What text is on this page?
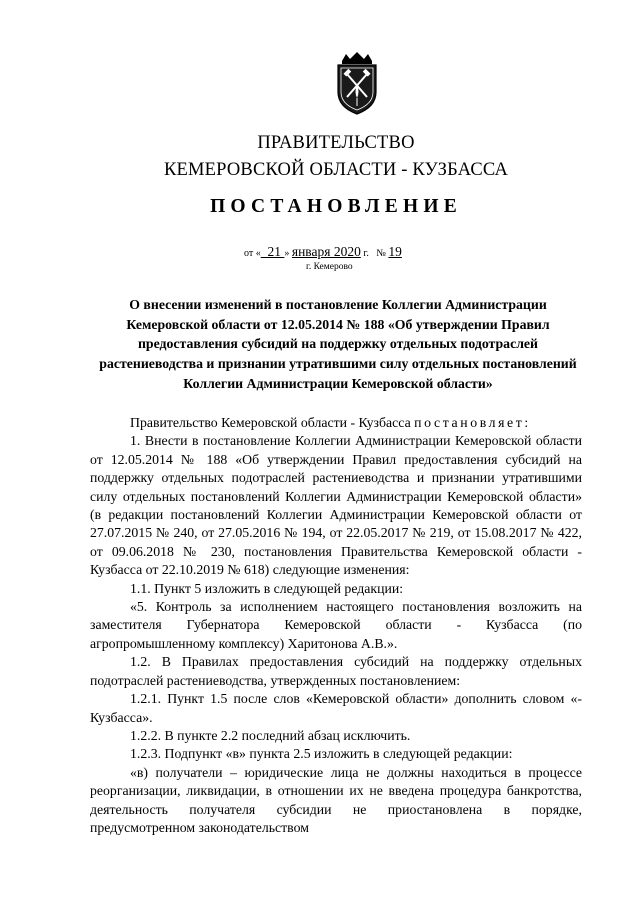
ПРАВИТЕЛЬСТВО
КЕМЕРОВСКОЙ ОБЛАСТИ - КУЗБАССА
ПОСТАНОВЛЕНИЕ
от « 21 » января 2020 г. № 19
г. Кемерово
О внесении изменений в постановление Коллегии Администрации Кемеровской области от 12.05.2014 № 188 «Об утверждении Правил предоставления субсидий на поддержку отдельных подотраслей растениеводства и признании утратившими силу отдельных постановлений Коллегии Администрации Кемеровской области»

Правительство Кемеровской области - Кузбасса постановляет:

1. Внести в постановление Коллегии Администрации Кемеровской области от 12.05.2014 № 188 «Об утверждении Правил предоставления субсидий на поддержку отдельных подотраслей растениеводства и признании утратившими силу отдельных постановлений Коллегии Администрации Кемеровской области» (в редакции постановлений Коллегии Администрации Кемеровской области от 27.07.2015 № 240, от 27.05.2016 № 194, от 22.05.2017 № 219, от 15.08.2017 № 422, от 09.06.2018 № 230, постановления Правительства Кемеровской области - Кузбасса от 22.10.2019 № 618) следующие изменения:

1.1. Пункт 5 изложить в следующей редакции:

«5. Контроль за исполнением настоящего постановления возложить на заместителя Губернатора Кемеровской области - Кузбасса (по агропромышленному комплексу) Харитонова А.В.».

1.2. В Правилах предоставления субсидий на поддержку отдельных подотраслей растениеводства, утвержденных постановлением:

1.2.1. Пункт 1.5 после слов «Кемеровской области» дополнить словом «- Кузбасса».

1.2.2. В пункте 2.2 последний абзац исключить.

1.2.3. Подпункт «в» пункта 2.5 изложить в следующей редакции:

«в) получатели – юридические лица не должны находиться в процессе реорганизации, ликвидации, в отношении их не введена процедура банкротства, деятельность получателя субсидии не приостановлена в порядке, предусмотренном законодательством
